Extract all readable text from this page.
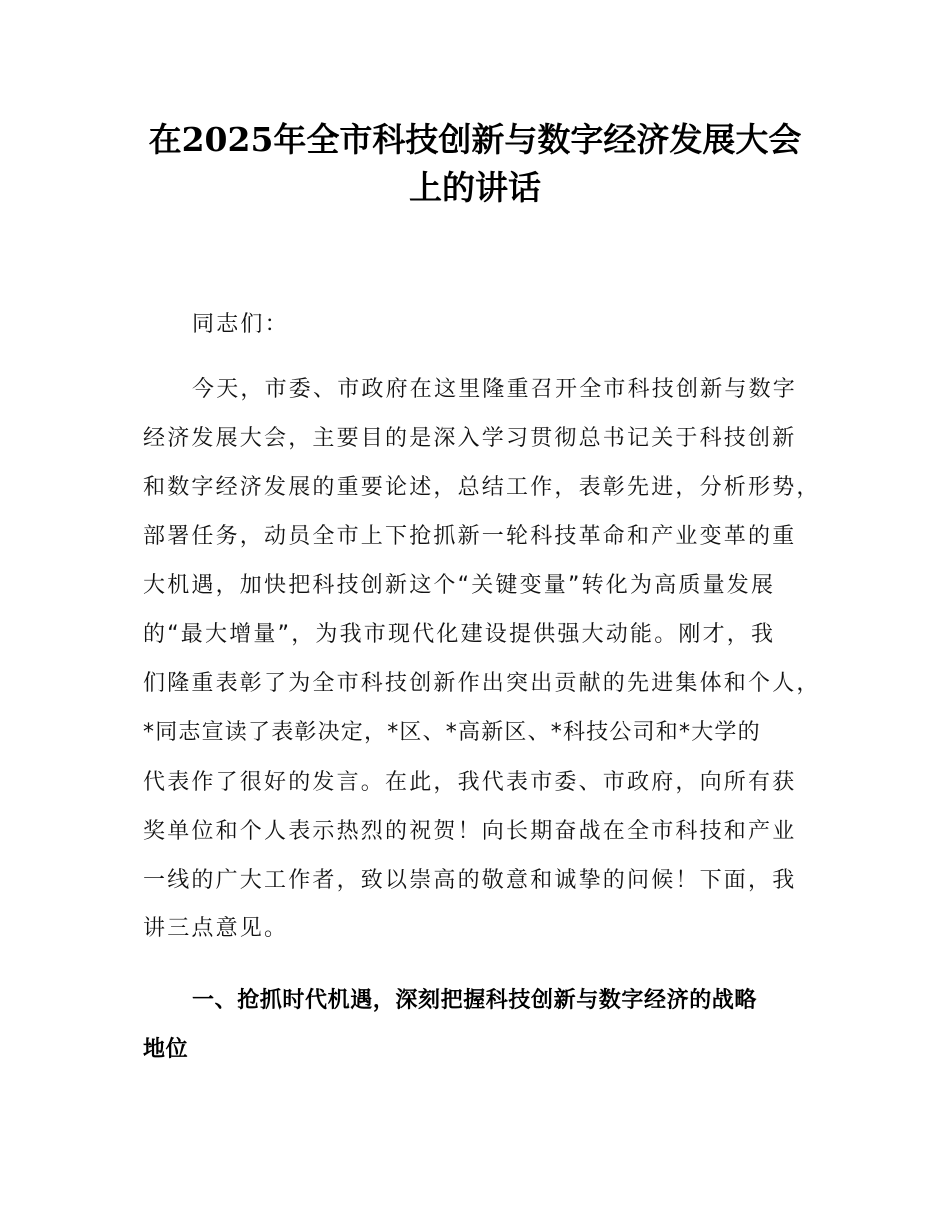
在2025年全市科技创新与数字经济发展大会
上的讲话
同志们：
今天，市委、市政府在这里隆重召开全市科技创新与数字
经济发展大会，主要目的是深入学习贯彻总书记关于科技创新
和数字经济发展的重要论述，总结工作，表彰先进，分析形势，
部署任务，动员全市上下抢抓新一轮科技革命和产业变革的重
大机遇，加快把科技创新这个“关键变量”转化为高质量发展
的“最大增量”，为我市现代化建设提供强大动能。刚才，我
们隆重表彰了为全市科技创新作出突出贡献的先进集体和个人，
*同志宣读了表彰决定，*区、*高新区、*科技公司和*大学的
代表作了很好的发言。在此，我代表市委、市政府，向所有获
奖单位和个人表示热烈的祝贺！向长期奋战在全市科技和产业
一线的广大工作者，致以崇高的敬意和诚挚的问候！下面，我
讲三点意见。
一、抢抓时代机遇，深刻把握科技创新与数字经济的战略
地位
